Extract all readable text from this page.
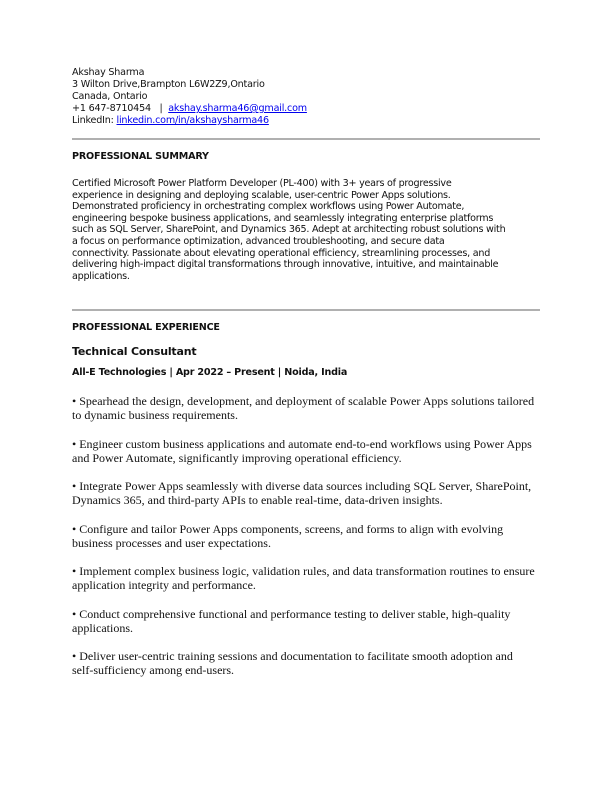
Akshay Sharma
3 Wilton Drive,Brampton L6W2Z9,Ontario
Canada, Ontario
+1 647-8710454 | akshay.sharma46@gmail.com
LinkedIn: linkedin.com/in/akshaysharma46
PROFESSIONAL SUMMARY
Certified Microsoft Power Platform Developer (PL-400) with 3+ years of progressive
experience in designing and deploying scalable, user-centric Power Apps solutions.
Demonstrated proficiency in orchestrating complex workflows using Power Automate,
engineering bespoke business applications, and seamlessly integrating enterprise platforms
such as SQL Server, SharePoint, and Dynamics 365. Adept at architecting robust solutions with
a focus on performance optimization, advanced troubleshooting, and secure data
connectivity. Passionate about elevating operational efficiency, streamlining processes, and
delivering high-impact digital transformations through innovative, intuitive, and maintainable
applications.
PROFESSIONAL EXPERIENCE
Technical Consultant
All-E Technologies | Apr 2022 – Present | Noida, India
• Spearhead the design, development, and deployment of scalable Power Apps solutions tailored
to dynamic business requirements.
• Engineer custom business applications and automate end-to-end workflows using Power Apps
and Power Automate, significantly improving operational efficiency.
• Integrate Power Apps seamlessly with diverse data sources including SQL Server, SharePoint,
Dynamics 365, and third-party APIs to enable real-time, data-driven insights.
• Configure and tailor Power Apps components, screens, and forms to align with evolving
business processes and user expectations.
• Implement complex business logic, validation rules, and data transformation routines to ensure
application integrity and performance.
• Conduct comprehensive functional and performance testing to deliver stable, high-quality
applications.
• Deliver user-centric training sessions and documentation to facilitate smooth adoption and
self-sufficiency among end-users.
